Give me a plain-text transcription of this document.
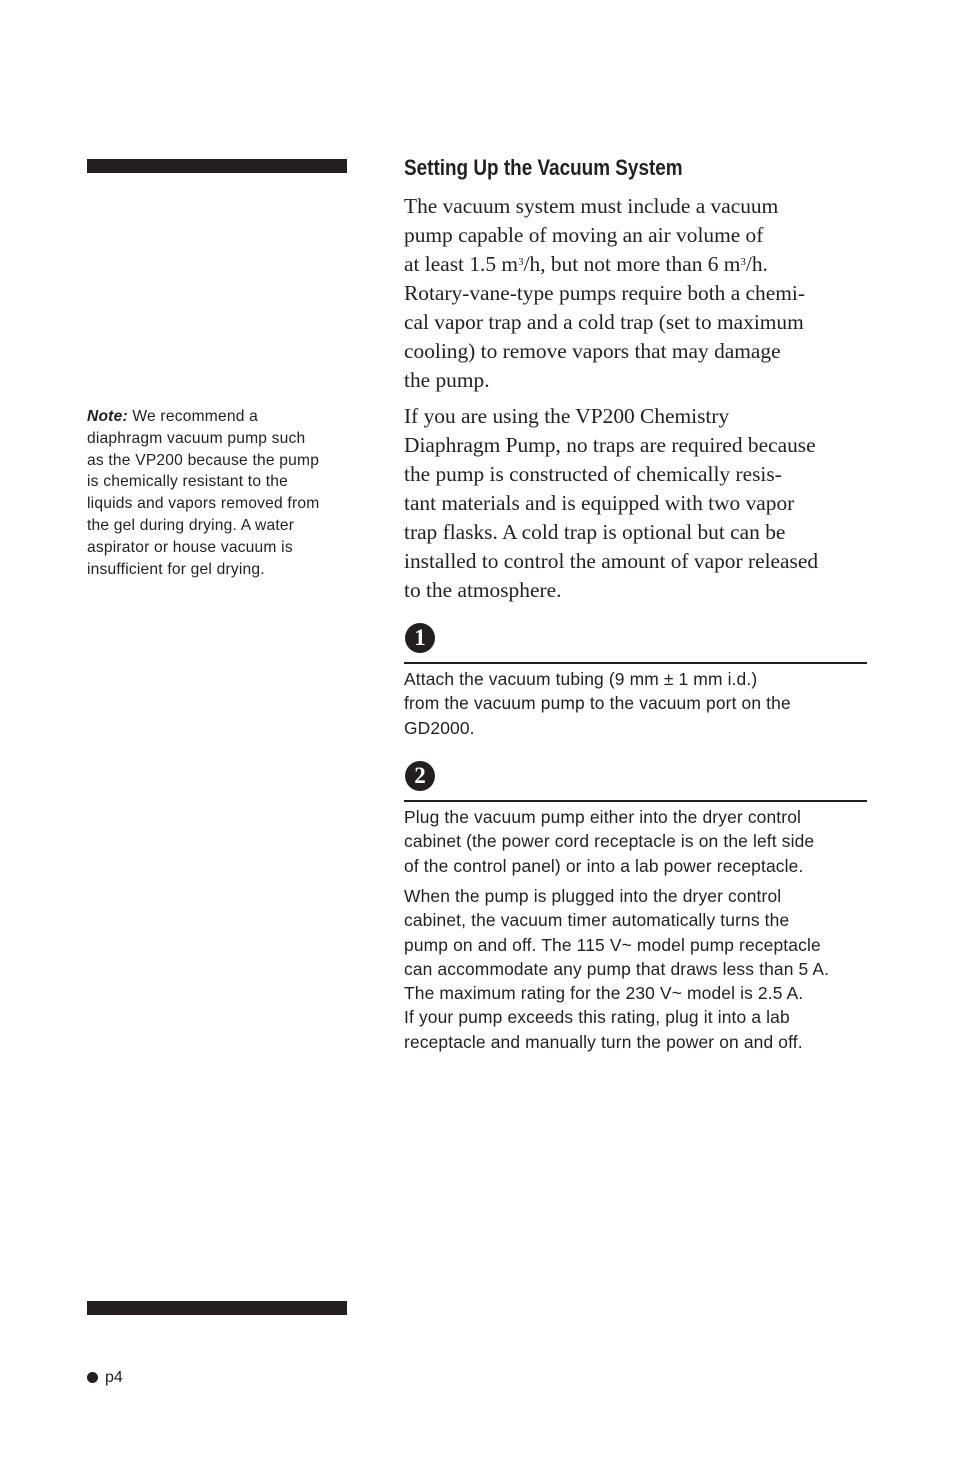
Setting Up the Vacuum System

The vacuum system must include a vacuum
pump capable of moving an air volume of
at least 1.5 $m^3/h$, but not more than 6 $m^3/h$.
Rotary-vane-type pumps require both a chemi-
cal vapor trap and a cold trap (set to maximum
cooling) to remove vapors that may damage
the pump.

Note: We recommend a
diaphragm vacuum pump such
as the VP200 because the pump
is chemically resistant to the
liquids and vapors removed from
the gel during drying. A water
aspirator or house vacuum is
insufficient for gel drying.

If you are using the VP200 Chemistry
Diaphragm Pump, no traps are required because
the pump is constructed of chemically resis-
tant materials and is equipped with two vapor
trap flasks. A cold trap is optional but can be
installed to control the amount of vapor released
to the atmosphere.

1

Attach the vacuum tubing (9 mm ± 1 mm i.d.)
from the vacuum pump to the vacuum port on the
GD2000.

2

Plug the vacuum pump either into the dryer control
cabinet (the power cord receptacle is on the left side
of the control panel) or into a lab power receptacle.

When the pump is plugged into the dryer control
cabinet, the vacuum timer automatically turns the
pump on and off. The 115 V~ model pump receptacle
can accommodate any pump that draws less than 5 A.
The maximum rating for the 230 V~ model is 2.5 A.
If your pump exceeds this rating, plug it into a lab
receptacle and manually turn the power on and off.

p4
